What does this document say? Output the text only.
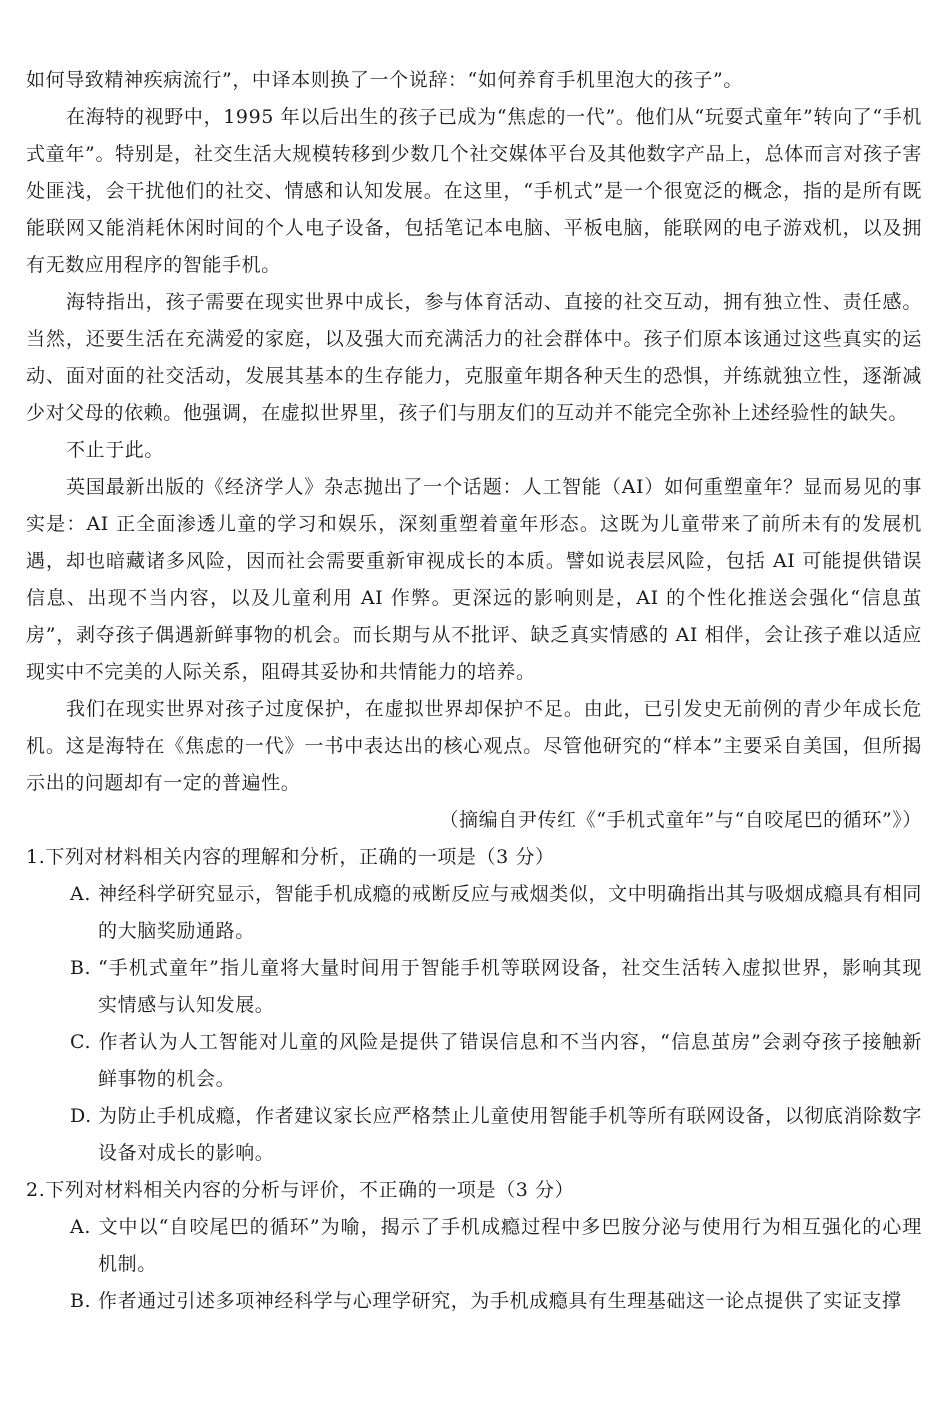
如何导致精神疾病流行”，中译本则换了一个说辞：“如何养育手机里泡大的孩子”。

在海特的视野中，1995 年以后出生的孩子已成为“焦虑的一代”。他们从“玩耍式童年”转向了“手机式童年”。特别是，社交生活大规模转移到少数几个社交媒体平台及其他数字产品上，总体而言对孩子害处匪浅，会干扰他们的社交、情感和认知发展。在这里，“手机式”是一个很宽泛的概念，指的是所有既能联网又能消耗休闲时间的个人电子设备，包括笔记本电脑、平板电脑，能联网的电子游戏机，以及拥有无数应用程序的智能手机。

海特指出，孩子需要在现实世界中成长，参与体育活动、直接的社交互动，拥有独立性、责任感。当然，还要生活在充满爱的家庭，以及强大而充满活力的社会群体中。孩子们原本该通过这些真实的运动、面对面的社交活动，发展其基本的生存能力，克服童年期各种天生的恐惧，并练就独立性，逐渐减少对父母的依赖。他强调，在虚拟世界里，孩子们与朋友们的互动并不能完全弥补上述经验性的缺失。

不止于此。

英国最新出版的《经济学人》杂志抛出了一个话题：人工智能（AI）如何重塑童年？显而易见的事实是：AI 正全面渗透儿童的学习和娱乐，深刻重塑着童年形态。这既为儿童带来了前所未有的发展机遇，却也暗藏诸多风险，因而社会需要重新审视成长的本质。譬如说表层风险，包括 AI 可能提供错误信息、出现不当内容，以及儿童利用 AI 作弊。更深远的影响则是，AI 的个性化推送会强化“信息茧房”，剥夺孩子偶遇新鲜事物的机会。而长期与从不批评、缺乏真实情感的 AI 相伴，会让孩子难以适应现实中不完美的人际关系，阻碍其妥协和共情能力的培养。

我们在现实世界对孩子过度保护，在虚拟世界却保护不足。由此，已引发史无前例的青少年成长危机。这是海特在《焦虑的一代》一书中表达出的核心观点。尽管他研究的“样本”主要采自美国，但所揭示出的问题却有一定的普遍性。

（摘编自尹传红《“手机式童年”与“自咬尾巴的循环”》）

1.下列对材料相关内容的理解和分析，正确的一项是（3 分）

A. 神经科学研究显示，智能手机成瘾的戒断反应与戒烟类似，文中明确指出其与吸烟成瘾具有相同的大脑奖励通路。

B. “手机式童年”指儿童将大量时间用于智能手机等联网设备，社交生活转入虚拟世界，影响其现实情感与认知发展。

C. 作者认为人工智能对儿童的风险是提供了错误信息和不当内容，“信息茧房”会剥夺孩子接触新鲜事物的机会。

D. 为防止手机成瘾，作者建议家长应严格禁止儿童使用智能手机等所有联网设备，以彻底消除数字设备对成长的影响。

2.下列对材料相关内容的分析与评价，不正确的一项是（3 分）

A. 文中以“自咬尾巴的循环”为喻，揭示了手机成瘾过程中多巴胺分泌与使用行为相互强化的心理机制。

B. 作者通过引述多项神经科学与心理学研究，为手机成瘾具有生理基础这一论点提供了实证支撑
